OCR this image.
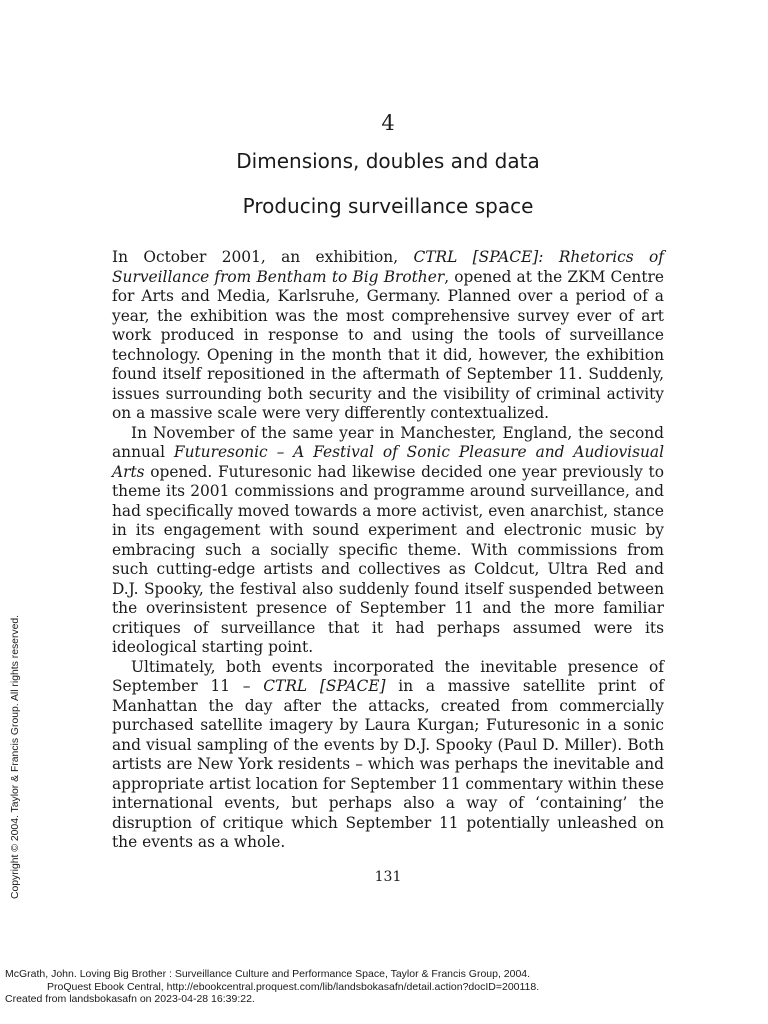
4
Dimensions, doubles and data
Producing surveillance space

In October 2001, an exhibition, CTRL [SPACE]: Rhetorics of Surveillance from Bentham to Big Brother, opened at the ZKM Centre for Arts and Media, Karlsruhe, Germany. Planned over a period of a year, the exhibition was the most comprehensive survey ever of art work produced in response to and using the tools of surveillance technology. Opening in the month that it did, however, the exhibition found itself repositioned in the aftermath of September 11. Suddenly, issues surrounding both security and the visibility of criminal activity on a massive scale were very differently contextualized.

In November of the same year in Manchester, England, the second annual Futuresonic – A Festival of Sonic Pleasure and Audiovisual Arts opened. Futuresonic had likewise decided one year previously to theme its 2001 commissions and programme around surveillance, and had specifically moved towards a more activist, even anarchist, stance in its engagement with sound experiment and electronic music by embracing such a socially specific theme. With commissions from such cutting-edge artists and collectives as Coldcut, Ultra Red and D.J. Spooky, the festival also suddenly found itself suspended between the overinsistent presence of September 11 and the more familiar critiques of surveillance that it had perhaps assumed were its ideological starting point.

Ultimately, both events incorporated the inevitable presence of September 11 – CTRL [SPACE] in a massive satellite print of Manhattan the day after the attacks, created from commercially purchased satellite imagery by Laura Kurgan; Futuresonic in a sonic and visual sampling of the events by D.J. Spooky (Paul D. Miller). Both artists are New York residents – which was perhaps the inevitable and appropriate artist location for September 11 commentary within these international events, but perhaps also a way of ‘containing’ the disruption of critique which September 11 potentially unleashed on the events as a whole.

131
Copyright © 2004. Taylor & Francis Group. All rights reserved.
McGrath, John. Loving Big Brother : Surveillance Culture and Performance Space, Taylor & Francis Group, 2004.
ProQuest Ebook Central, http://ebookcentral.proquest.com/lib/landsbokasafn/detail.action?docID=200118.
Created from landsbokasafn on 2023-04-28 16:39:22.
